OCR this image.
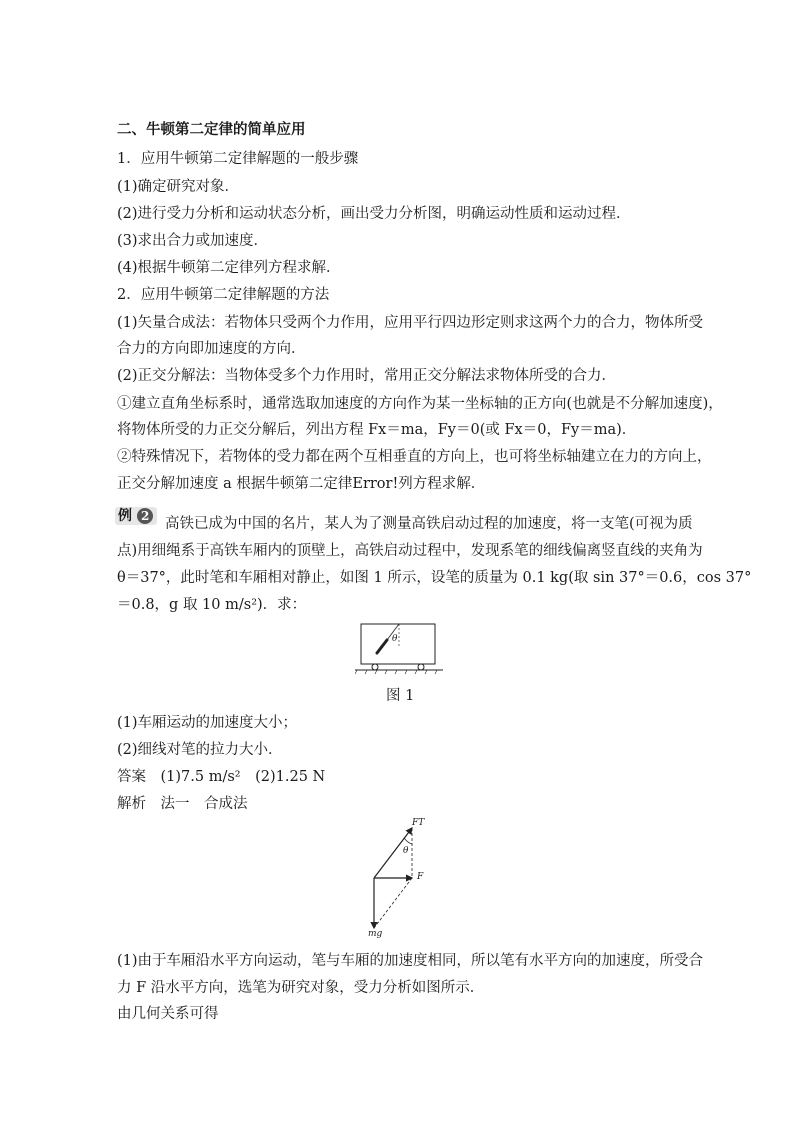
二、牛顿第二定律的简单应用
1．应用牛顿第二定律解题的一般步骤
(1)确定研究对象．
(2)进行受力分析和运动状态分析，画出受力分析图，明确运动性质和运动过程．
(3)求出合力或加速度．
(4)根据牛顿第二定律列方程求解．
2．应用牛顿第二定律解题的方法
(1)矢量合成法：若物体只受两个力作用，应用平行四边形定则求这两个力的合力，物体所受
合力的方向即加速度的方向．
(2)正交分解法：当物体受多个力作用时，常用正交分解法求物体所受的合力．
①建立直角坐标系时，通常选取加速度的方向作为某一坐标轴的正方向(也就是不分解加速度)，
将物体所受的力正交分解后，列出方程 Fx＝ma，Fy＝0(或 Fx＝0，Fy＝ma)．
②特殊情况下，若物体的受力都在两个互相垂直的方向上，也可将坐标轴建立在力的方向上，
正交分解加速度 a 根据牛顿第二定律Error!列方程求解．
例 2 高铁已成为中国的名片，某人为了测量高铁启动过程的加速度，将一支笔(可视为质
点)用细绳系于高铁车厢内的顶壁上，高铁启动过程中，发现系笔的细线偏离竖直线的夹角为
θ＝37°，此时笔和车厢相对静止，如图 1 所示，设笔的质量为 0.1 kg(取 sin 37°＝0.6，cos 37°
＝0.8，g 取 10 m/s²)．求：
θ
图 1
(1)车厢运动的加速度大小；
(2)细线对笔的拉力大小．
答案　(1)7.5 m/s²　(2)1.25 N
解析　法一　合成法
FT
θ
F
mg
(1)由于车厢沿水平方向运动，笔与车厢的加速度相同，所以笔有水平方向的加速度，所受合
力 F 沿水平方向，选笔为研究对象，受力分析如图所示．
由几何关系可得
